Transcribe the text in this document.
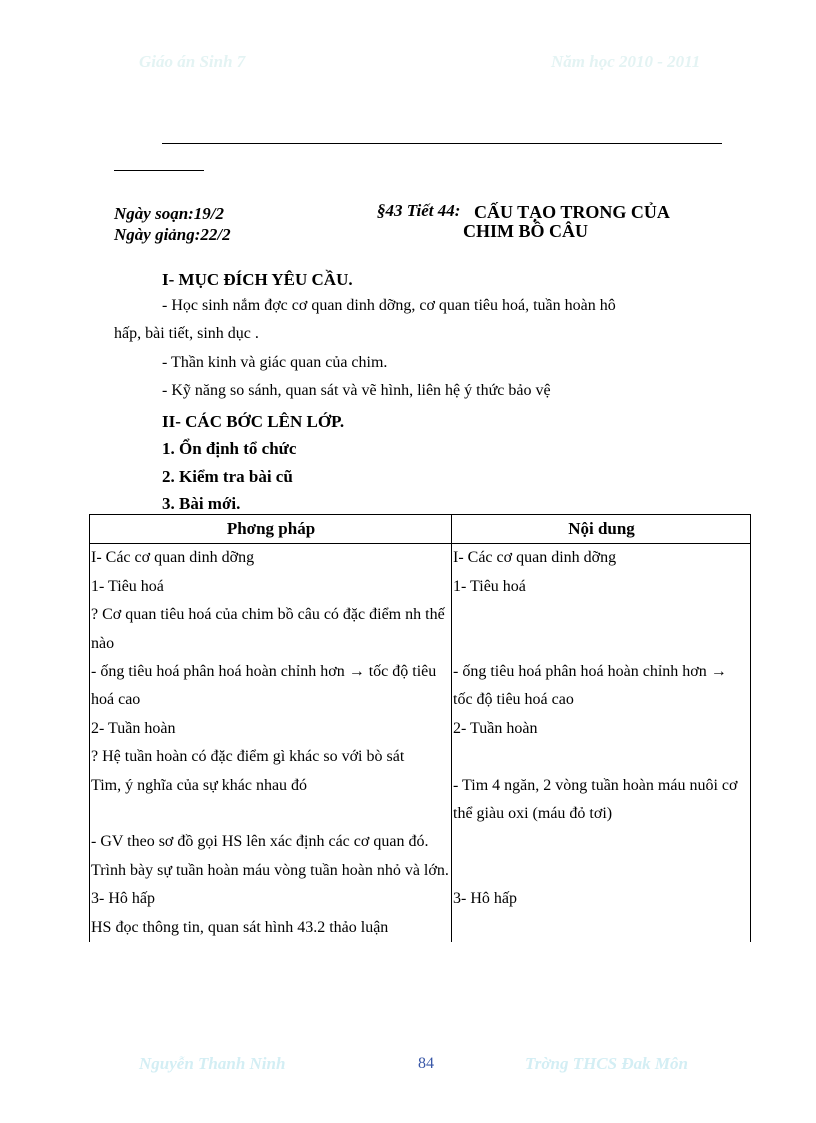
Giáo án Sinh 7	Năm học 2010 - 2011
Ngày soạn:19/2
Ngày giảng:22/2
§43 Tiết 44: CẤU TẠO TRONG CỦA
CHIM BỒ CÂU
I- MỤC ĐÍCH YÊU CẦU.
- Học sinh nắm đợc cơ quan dinh dỡng, cơ quan tiêu hoá, tuần hoàn hô
hấp, bài tiết, sinh dục .
- Thần kinh và giác quan của chim.
- Kỹ năng so sánh, quan sát và vẽ hình, liên hệ ý thức bảo vệ
II- CÁC BỚC LÊN LỚP.
1. Ổn định tổ chức
2. Kiểm tra bài cũ
3. Bài mới.
Phơng pháp	Nội dung
I- Các cơ quan dinh dỡng	I- Các cơ quan dinh dỡng
1- Tiêu hoá	1- Tiêu hoá
? Cơ quan tiêu hoá của chim bồ câu có đặc điểm nh thế nào	
- ống tiêu hoá phân hoá hoàn chỉnh hơn → tốc độ tiêu hoá cao	- ống tiêu hoá phân hoá hoàn chỉnh hơn → tốc độ tiêu hoá cao
2- Tuần hoàn	2- Tuần hoàn
? Hệ tuần hoàn có đặc điểm gì khác so với bò sát	
Tim, ý nghĩa của sự khác nhau đó	- Tim 4 ngăn, 2 vòng tuần hoàn máu nuôi cơ thể giàu oxi (máu đỏ tơi)
- GV theo sơ đồ gọi HS lên xác định các cơ quan đó.	
Trình bày sự tuần hoàn máu vòng tuần hoàn nhỏ và lớn.	
3- Hô hấp	3- Hô hấp
HS đọc thông tin, quan sát hình 43.2 thảo luận	
Nguyễn Thanh Ninh	84	Trờng THCS Đak Môn
